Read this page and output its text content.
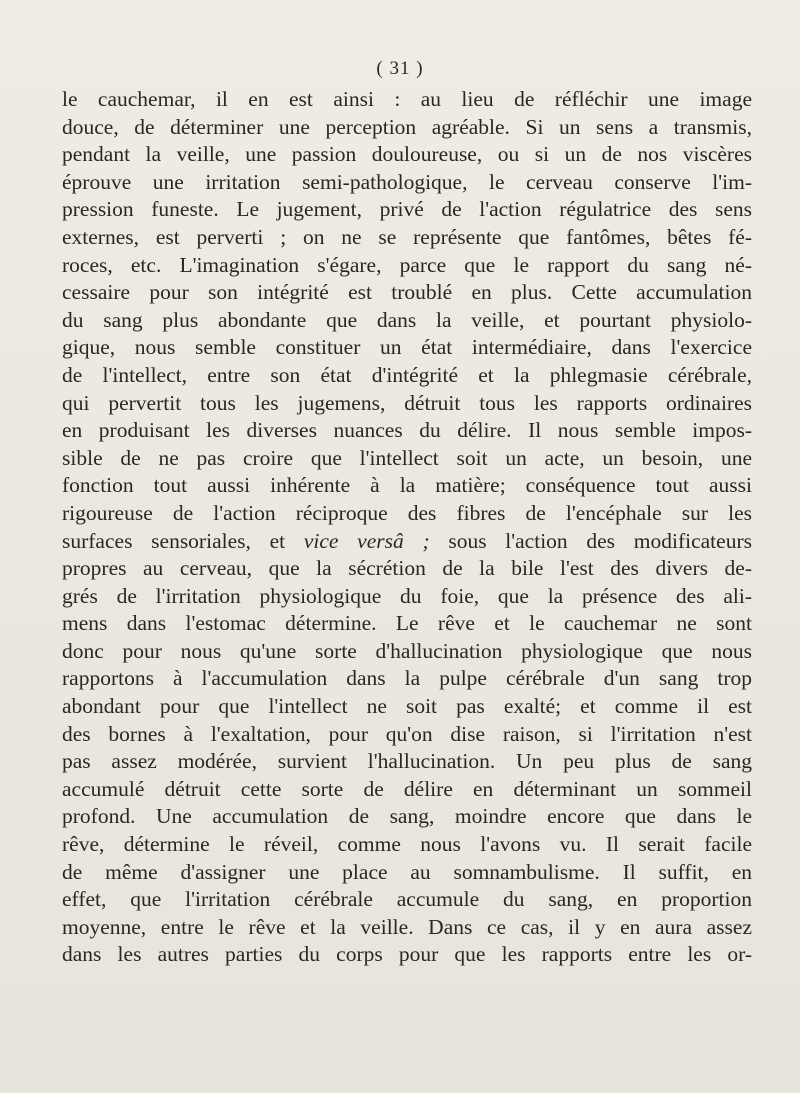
( 31 )
le cauchemar, il en est ainsi : au lieu de réfléchir une image
douce, de déterminer une perception agréable. Si un sens a transmis,
pendant la veille, une passion douloureuse, ou si un de nos viscères
éprouve une irritation semi-pathologique, le cerveau conserve l'im-
pression funeste. Le jugement, privé de l'action régulatrice des sens
externes, est perverti ; on ne se représente que fantômes, bêtes fé-
roces, etc. L'imagination s'égare, parce que le rapport du sang né-
cessaire pour son intégrité est troublé en plus. Cette accumulation
du sang plus abondante que dans la veille, et pourtant physiolo-
gique, nous semble constituer un état intermédiaire, dans l'exercice
de l'intellect, entre son état d'intégrité et la phlegmasie cérébrale,
qui pervertit tous les jugemens, détruit tous les rapports ordinaires
en produisant les diverses nuances du délire. Il nous semble impos-
sible de ne pas croire que l'intellect soit un acte, un besoin, une
fonction tout aussi inhérente à la matière; conséquence tout aussi
rigoureuse de l'action réciproque des fibres de l'encéphale sur les
surfaces sensoriales, et vice versâ ; sous l'action des modificateurs
propres au cerveau, que la sécrétion de la bile l'est des divers de-
grés de l'irritation physiologique du foie, que la présence des ali-
mens dans l'estomac détermine. Le rêve et le cauchemar ne sont
donc pour nous qu'une sorte d'hallucination physiologique que nous
rapportons à l'accumulation dans la pulpe cérébrale d'un sang trop
abondant pour que l'intellect ne soit pas exalté; et comme il est
des bornes à l'exaltation, pour qu'on dise raison, si l'irritation n'est
pas assez modérée, survient l'hallucination. Un peu plus de sang
accumulé détruit cette sorte de délire en déterminant un sommeil
profond. Une accumulation de sang, moindre encore que dans le
rêve, détermine le réveil, comme nous l'avons vu. Il serait facile
de même d'assigner une place au somnambulisme. Il suffit, en
effet, que l'irritation cérébrale accumule du sang, en proportion
moyenne, entre le rêve et la veille. Dans ce cas, il y en aura assez
dans les autres parties du corps pour que les rapports entre les or-
